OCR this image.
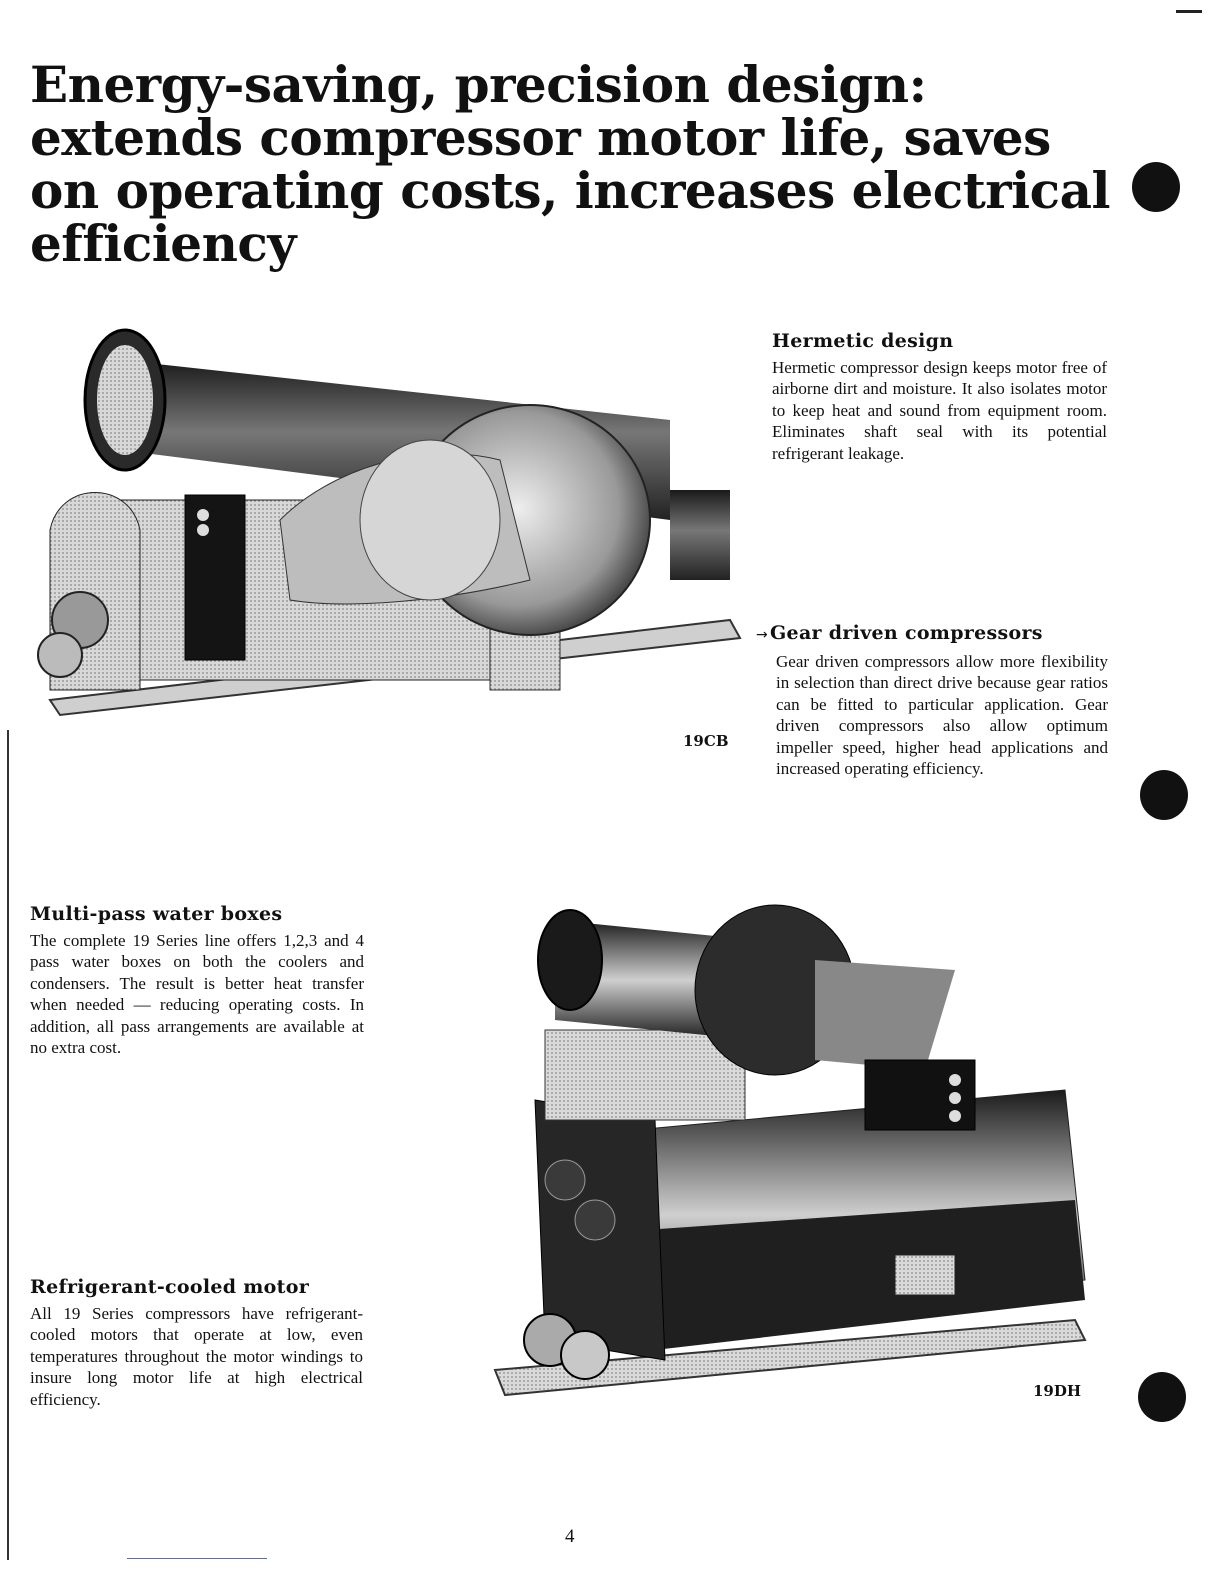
Energy-saving, precision design: extends compressor motor life, saves on operating costs, increases electrical efficiency
19CB
Hermetic design

Hermetic compressor design keeps motor free of airborne dirt and moisture. It also isolates motor to keep heat and sound from equipment room. Eliminates shaft seal with its potential refrigerant leakage.

→ Gear driven compressors

Gear driven compressors allow more flexibility in selection than direct drive because gear ratios can be fitted to particular application. Gear driven compressors also allow optimum impeller speed, higher head applications and increased operating efficiency.

Multi-pass water boxes

The complete 19 Series line offers 1,2,3 and 4 pass water boxes on both the coolers and condensers. The result is better heat transfer when needed — reducing operating costs. In addition, all pass arrangements are available at no extra cost.

19DH
Refrigerant-cooled motor

All 19 Series compressors have refrigerant-cooled motors that operate at low, even temperatures throughout the motor windings to insure long motor life at high electrical efficiency.

4
